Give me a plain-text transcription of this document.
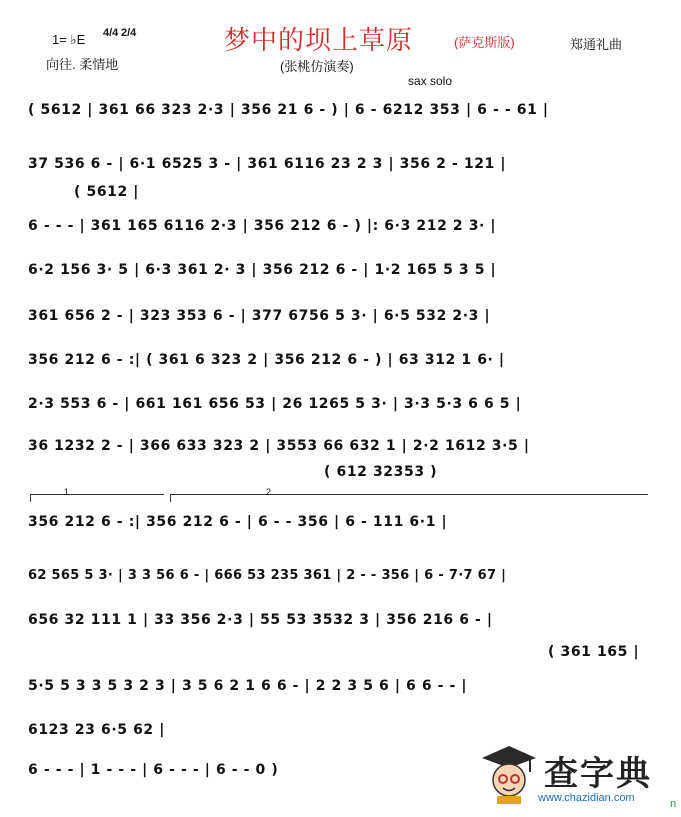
1= ♭E 4/4 2/4
向往. 柔情地
梦中的坝上草原	(萨克斯版)
(张桃仿演奏)
郑通礼曲
sax solo
( 5612 | 361 66 323 2·3 | 356 21 6 - ) | 6 - 6212 353 | 6 - - 61 |
37 536 6 - | 6·1 6525 3 - | 361 6116 23 2 3 | 356 2 - 121 |
( 5612 |
6 - - - | 361 165 6116 2·3 | 356 212 6 - ) |: 6·3 212 2 3· |
6·2 156 3· 5 | 6·3 361 2· 3 | 356 212 6 - | 1·2 165 5 3 5 |
361 656 2 - | 323 353 6 - | 377 6756 5 3· | 6·5 532 2·3 |
356 212 6 - :| ( 361 6 323 2 | 356 212 6 - ) | 63 312 1 6· |
2·3 553 6 - | 661 161 656 53 | 26 1265 5 3· | 3·3 5·3 6 6 5 |
36 1232 2 - | 366 633 323 2 | 3553 66 632 1 | 2·2 1612 3·5 |
( 612 32353 )
1	2
356 212 6 - :| 356 212 6 - | 6 - - 356 | 6 - 111 6·1 |
62 565 5 3· | 3 3 56 6 - | 666 53 235 361 | 2 - - 356 | 6 - 7·7 67 |
656 32 111 1 | 33 356 2·3 | 55 53 3532 3 | 356 216 6 - |
( 361 165 |
5·5 5 3 3 5 3 2 3 | 3 5 6 2 1 6 6 - | 2 2 3 5 6 | 6 6 - - |
6123 23 6·5 62 |
6 - - - | 1 - - - | 6 - - - | 6 - - 0 )	查字典
www.chazidian.com	n
